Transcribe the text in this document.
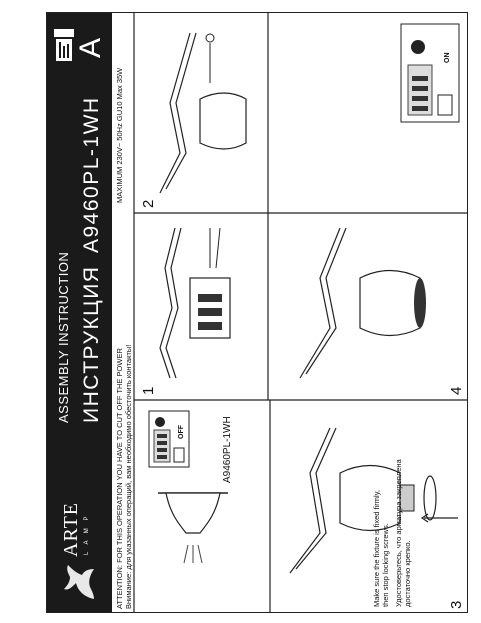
ARTE L A M P
ASSEMBLY INSTRUCTION ИНСТРУКЦИЯ
A9460PL-1WH
A
ATTENTION: FOR THIS OPERATION YOU HAVE TO CUT OFF THE POWER Внимание: для указанных операций, вам необходимо обесточить контакты!
MAXIMUM 230V~ 50Hz GU10 Max 35W
A9460PL-1WH
OFF
3
Make sure the fixture is fixed firmly, then stop locking screws. Удостоверьтесь, что арматура закреплена достаточно крепко.
1	4
2
ON
